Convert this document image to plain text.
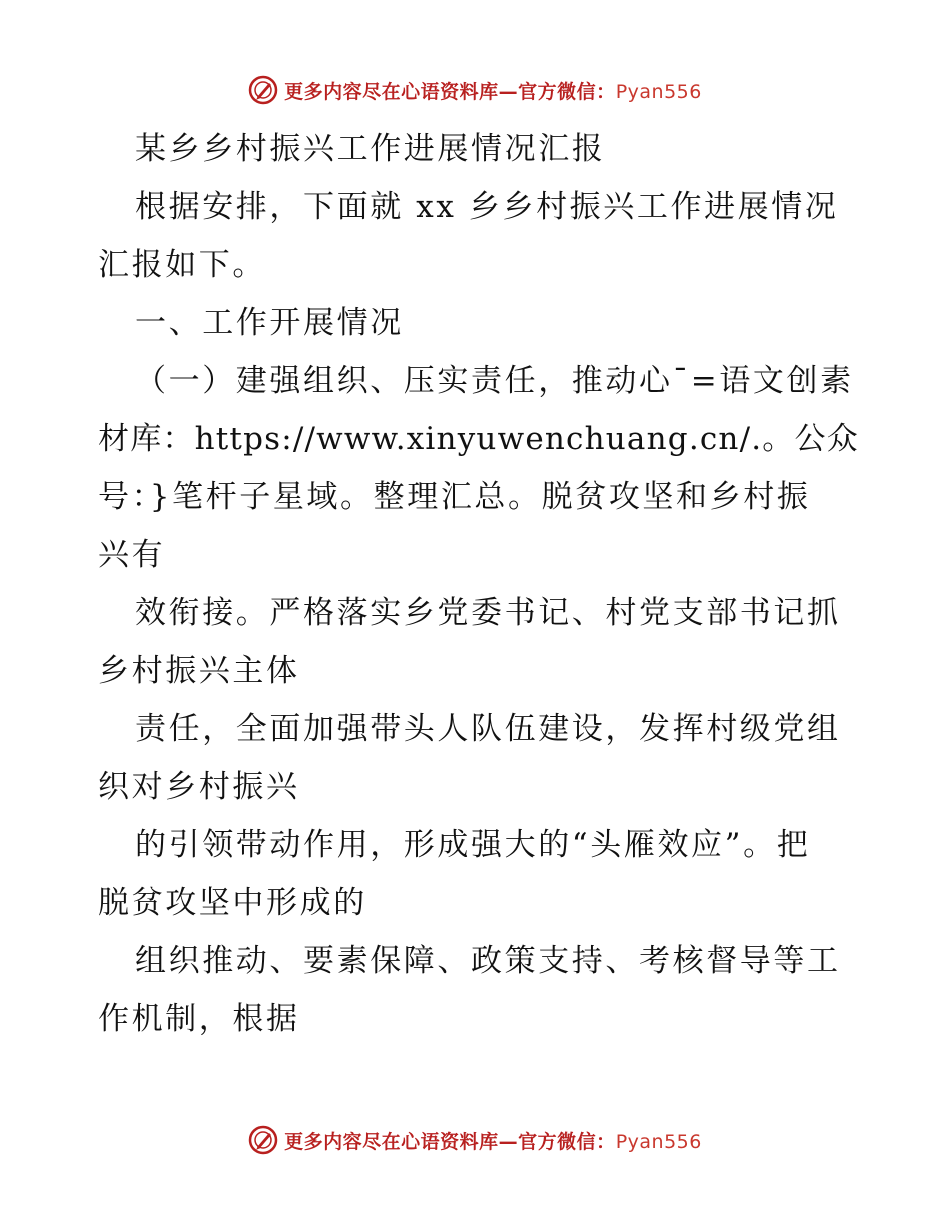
更多内容尽在心语资料库—官方微信：Pyan556
某乡乡村振兴工作进展情况汇报
根据安排，下面就 xx 乡乡村振兴工作进展情况
汇报如下。
一、工作开展情况
（一）建强组织、压实责任，推动心¯=语文创素
材库：https://www.xinyuwenchuang.cn/.。公众
号：}笔杆子星域。整理汇总。脱贫攻坚和乡村振
兴有
效衔接。严格落实乡党委书记、村党支部书记抓
乡村振兴主体
责任，全面加强带头人队伍建设，发挥村级党组
织对乡村振兴
的引领带动作用，形成强大的“头雁效应”。把
脱贫攻坚中形成的
组织推动、要素保障、政策支持、考核督导等工
作机制，根据
更多内容尽在心语资料库—官方微信：Pyan556
